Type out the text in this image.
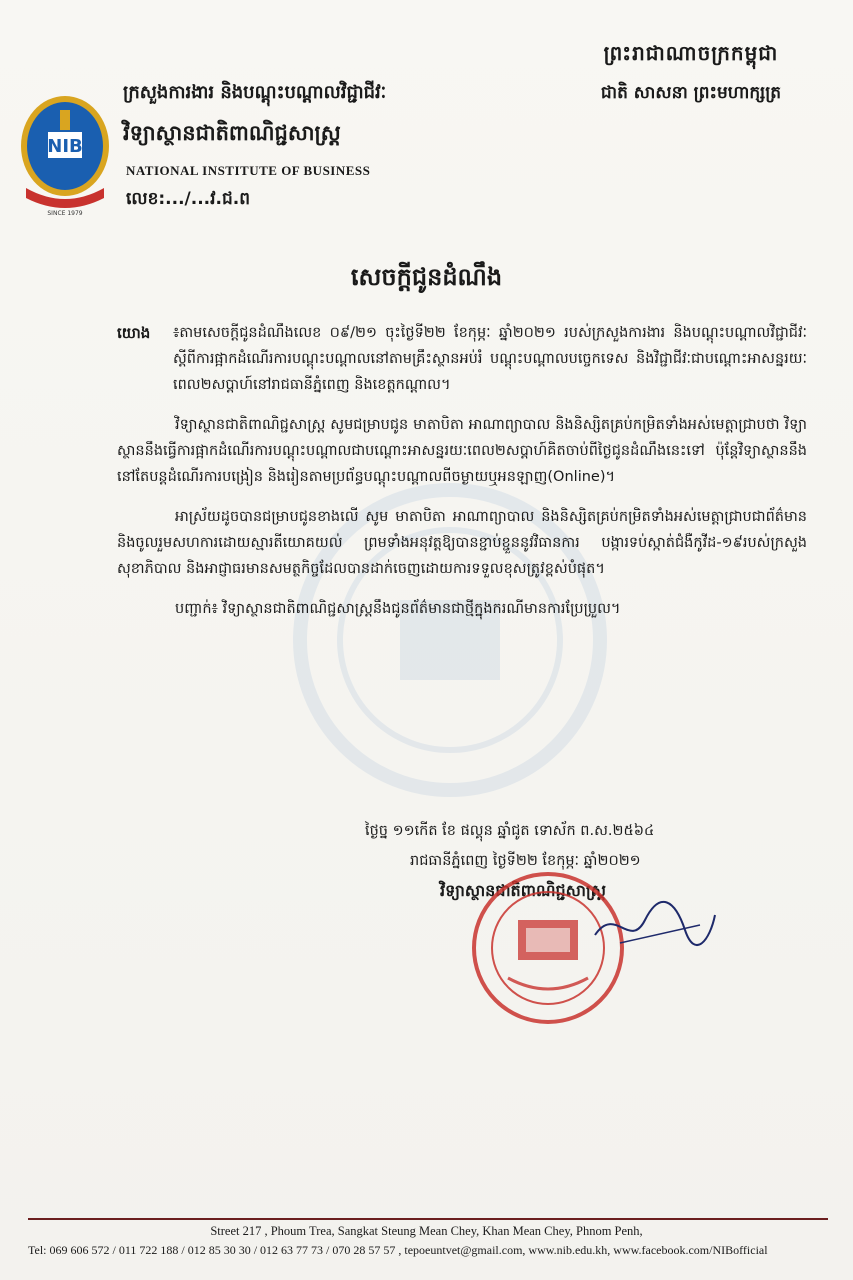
ព្រះរាជាណាចក្រកម្ពុជា
ជាតិ សាសនា ព្រះមហាក្សត្រ
NIB
SINCE 1979
ក្រសួងការងារ និងបណ្តុះបណ្តាលវិជ្ជាជីវៈ
វិទ្យាស្ថានជាតិពាណិជ្ជសាស្ត្រ
NATIONAL INSTITUTE OF BUSINESS
លេខ:.../...វ.ជ.ព
សេចក្តីជូនដំណឹង

យោង	៖តាមសេចក្តីជូនដំណឹងលេខ ០៩/២១ ចុះថ្ងៃទី២២ ខែកុម្ភៈ ឆ្នាំ២០២១ របស់ក្រសួងការងារ និងបណ្តុះបណ្តាលវិជ្ជាជីវៈ ស្តីពីការផ្អាកដំណើរការបណ្តុះបណ្តាលនៅតាមគ្រឹះស្ថានអប់រំ បណ្តុះបណ្តាលបច្ចេកទេស និងវិជ្ជាជីវៈជាបណ្តោះអាសន្នរយៈពេល២សប្តាហ៍នៅរាជធានីភ្នំពេញ និងខេត្តកណ្តាល។

វិទ្យាស្ថានជាតិពាណិជ្ជសាស្ត្រ សូមជម្រាបជូន មាតាបិតា អាណាព្យាបាល និងនិស្សិតគ្រប់កម្រិតទាំងអស់មេត្តាជ្រាបថា វិទ្យាស្ថាននឹងធ្វើការផ្អាកដំណើរការបណ្តុះបណ្តាលជាបណ្តោះអាសន្នរយៈពេល២សប្តាហ៍គិតចាប់ពីថ្ងៃជូនដំណឹងនេះទៅ ប៉ុន្តែវិទ្យាស្ថាននឹងនៅតែបន្តដំណើរការបង្រៀន និងរៀនតាមប្រព័ន្ធបណ្តុះបណ្តាលពីចម្ងាយឬអនឡាញ(Online)។

អាស្រ័យដូចបានជម្រាបជូនខាងលើ សូម មាតាបិតា អាណាព្យាបាល និងនិស្សិតគ្រប់កម្រិតទាំងអស់មេត្តាជ្រាបជាព័ត៌មាន និងចូលរួមសហការដោយស្មារតីយោគយល់ ព្រមទាំងអនុវត្តឱ្យបានខ្ជាប់ខ្ជួននូវវិធានការ បង្ការទប់ស្កាត់ជំងឺកូវីដ-១៩របស់ក្រសួងសុខាភិបាល និងអាជ្ញាធរមានសមត្ថកិច្ចដែលបានដាក់ចេញដោយការទទួលខុសត្រូវខ្ពស់បំផុត។

បញ្ជាក់៖ វិទ្យាស្ថានជាតិពាណិជ្ជសាស្ត្រនឹងជូនព័ត៌មានជាថ្មីក្នុងករណីមានការប្រែប្រួល។

ថ្ងៃច្ន ១១កើត ខែ ផល្គុន ឆ្នាំជូត ទោស័ក ព.ស.២៥៦៤
រាជធានីភ្នំពេញ ថ្ងៃទី២២ ខែកុម្ភៈ ឆ្នាំ២០២១
វិទ្យាស្ថានជាតិពាណិជ្ជសាស្ត្រ
Street 217 , Phoum Trea, Sangkat Steung Mean Chey, Khan Mean Chey, Phnom Penh,
Tel: 069 606 572 / 011 722 188 / 012 85 30 30 / 012 63 77 73 / 070 28 57 57 , tepoeuntvet@gmail.com, www.nib.edu.kh, www.facebook.com/NIBofficial
